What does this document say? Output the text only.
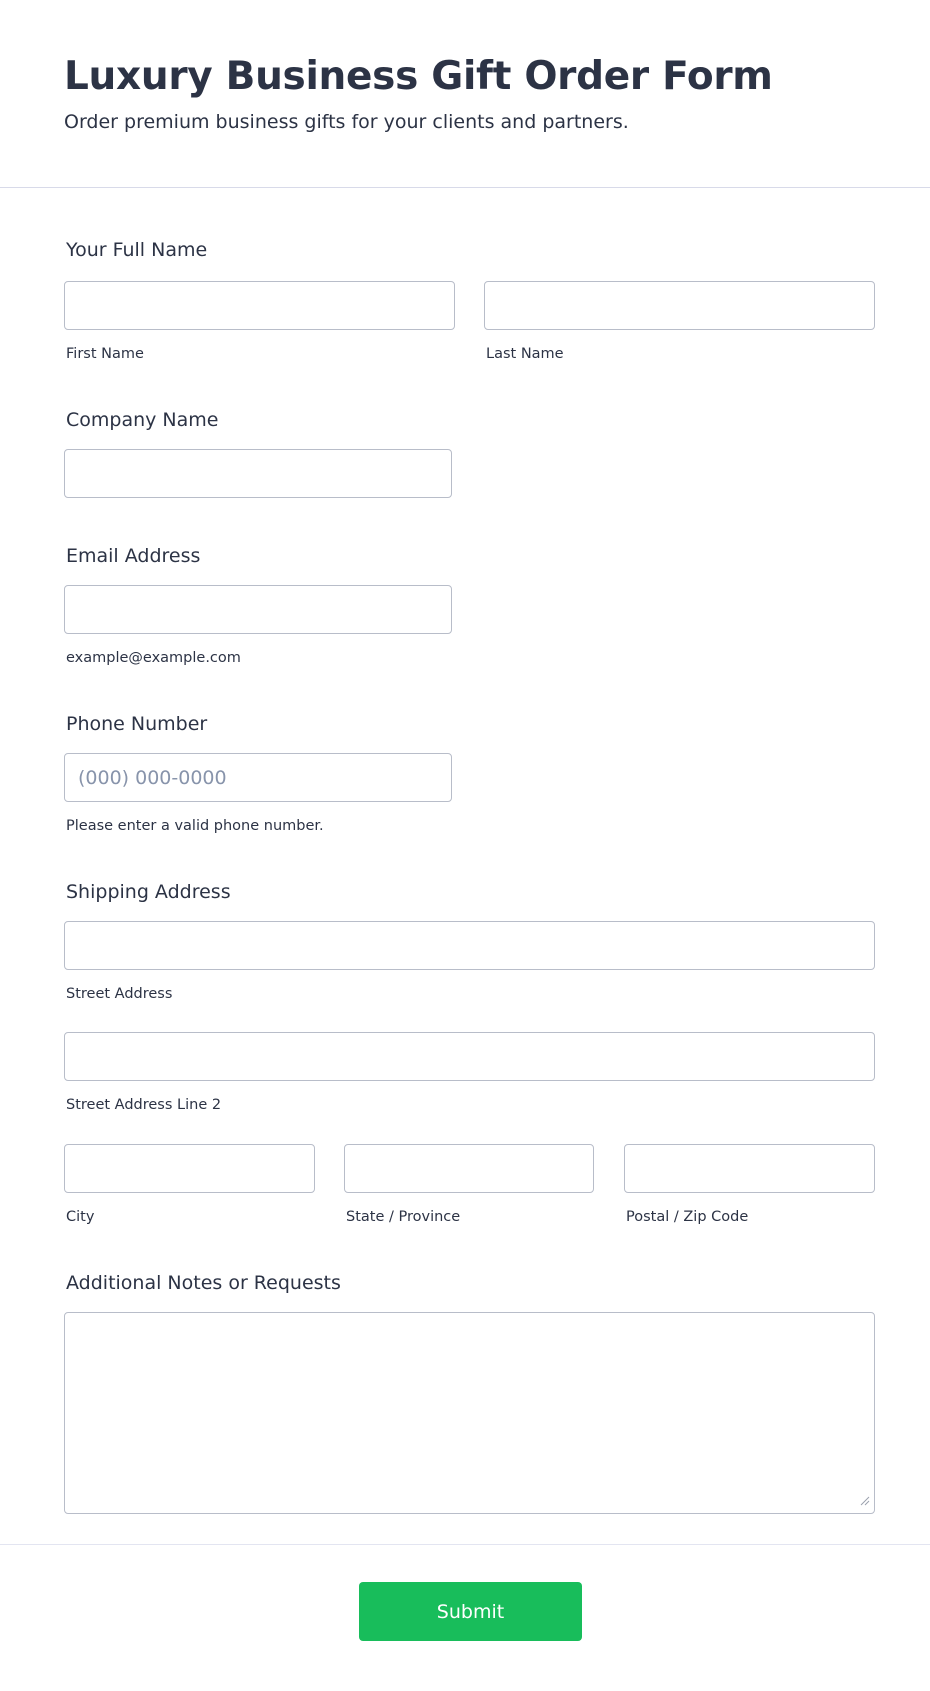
Luxury Business Gift Order Form

Order premium business gifts for your clients and partners.

Your Full Name
First Name	Last Name
Company Name
Email Address
example@example.com
Phone Number
(000) 000-0000
Please enter a valid phone number.
Shipping Address
Street Address
Street Address Line 2
City	State / Province	Postal / Zip Code
Additional Notes or Requests
Submit
